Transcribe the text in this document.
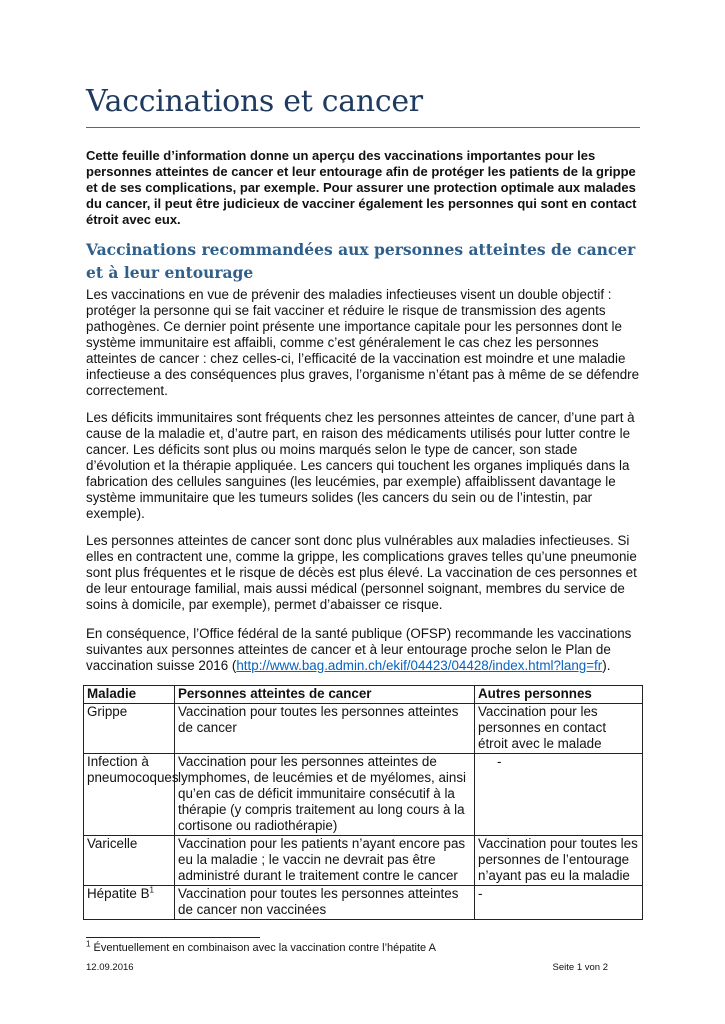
Vaccinations et cancer

Cette feuille d’information donne un aperçu des vaccinations importantes pour les personnes atteintes de cancer et leur entourage afin de protéger les patients de la grippe et de ses complications, par exemple. Pour assurer une protection optimale aux malades du cancer, il peut être judicieux de vacciner également les personnes qui sont en contact étroit avec eux.

Vaccinations recommandées aux personnes atteintes de cancer et à leur entourage

Les vaccinations en vue de prévenir des maladies infectieuses visent un double objectif : protéger la personne qui se fait vacciner et réduire le risque de transmission des agents pathogènes. Ce dernier point présente une importance capitale pour les personnes dont le système immunitaire est affaibli, comme c’est généralement le cas chez les personnes atteintes de cancer : chez celles-ci, l’efficacité de la vaccination est moindre et une maladie infectieuse a des conséquences plus graves, l’organisme n’étant pas à même de se défendre correctement.

Les déficits immunitaires sont fréquents chez les personnes atteintes de cancer, d’une part à cause de la maladie et, d’autre part, en raison des médicaments utilisés pour lutter contre le cancer. Les déficits sont plus ou moins marqués selon le type de cancer, son stade d’évolution et la thérapie appliquée. Les cancers qui touchent les organes impliqués dans la fabrication des cellules sanguines (les leucémies, par exemple) affaiblissent davantage le système immunitaire que les tumeurs solides (les cancers du sein ou de l’intestin, par exemple).

Les personnes atteintes de cancer sont donc plus vulnérables aux maladies infectieuses. Si elles en contractent une, comme la grippe, les complications graves telles qu’une pneumonie sont plus fréquentes et le risque de décès est plus élevé. La vaccination de ces personnes et de leur entourage familial, mais aussi médical (personnel soignant, membres du service de soins à domicile, par exemple), permet d’abaisser ce risque.

En conséquence, l’Office fédéral de la santé publique (OFSP) recommande les vaccinations suivantes aux personnes atteintes de cancer et à leur entourage proche selon le Plan de vaccination suisse 2016 (http://www.bag.admin.ch/ekif/04423/04428/index.html?lang=fr).

Maladie	Personnes atteintes de cancer	Autres personnes
Grippe	Vaccination pour toutes les personnes atteintes de cancer	Vaccination pour les personnes en contact étroit avec le malade
Infection à pneumocoques	Vaccination pour les personnes atteintes de lymphomes, de leucémies et de myélomes, ainsi qu’en cas de déficit immunitaire consécutif à la thérapie (y compris traitement au long cours à la cortisone ou radiothérapie)	-
Varicelle	Vaccination pour les patients n’ayant encore pas eu la maladie ; le vaccin ne devrait pas être administré durant le traitement contre le cancer	Vaccination pour toutes les personnes de l’entourage n’ayant pas eu la maladie
Hépatite $B^1$	Vaccination pour toutes les personnes atteintes de cancer non vaccinées	-

$^1$ Éventuellement en combinaison avec la vaccination contre l’hépatite A

12.09.2016	Seite 1 von 2
